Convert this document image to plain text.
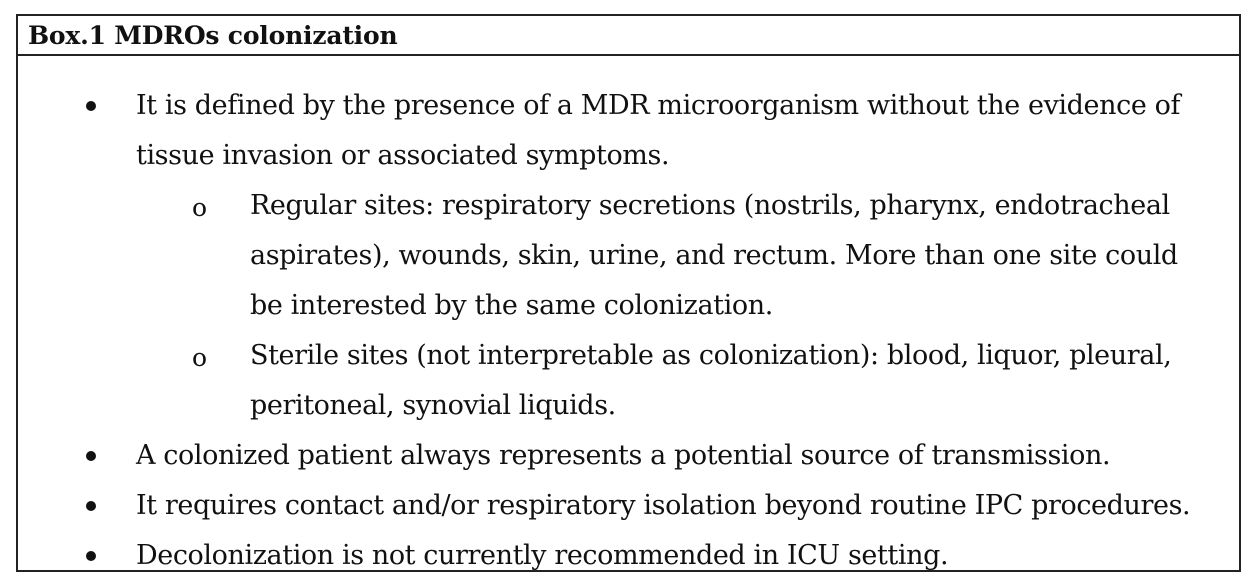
Box.1 MDROs colonization
It is defined by the presence of a MDR microorganism without the evidence of
tissue invasion or associated symptoms.
o Regular sites: respiratory secretions (nostrils, pharynx, endotracheal
aspirates), wounds, skin, urine, and rectum. More than one site could
be interested by the same colonization.
o Sterile sites (not interpretable as colonization): blood, liquor, pleural,
peritoneal, synovial liquids.
A colonized patient always represents a potential source of transmission.
It requires contact and/or respiratory isolation beyond routine IPC procedures.
Decolonization is not currently recommended in ICU setting.
